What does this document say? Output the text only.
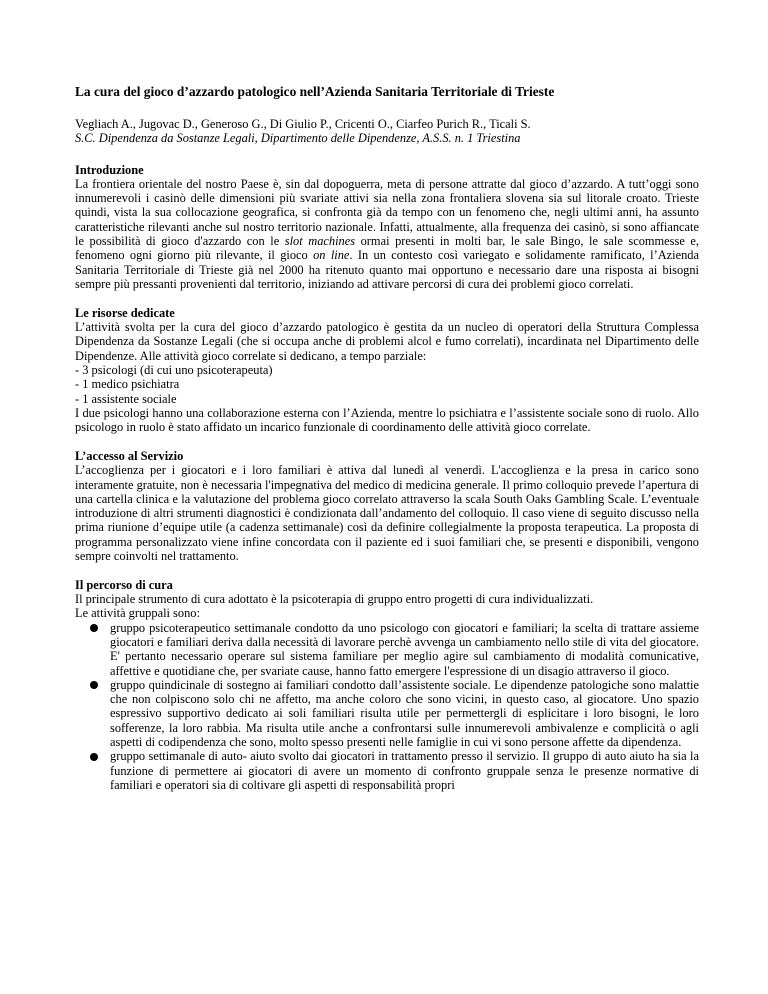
La cura del gioco d’azzardo patologico nell’Azienda Sanitaria Territoriale di Trieste

Vegliach A., Jugovac D., Generoso G., Di Giulio P., Cricenti O., Ciarfeo Purich R., Ticali S.

S.C. Dipendenza da Sostanze Legali, Dipartimento delle Dipendenze, A.S.S. n. 1 Triestina

Introduzione

La frontiera orientale del nostro Paese è, sin dal dopoguerra, meta di persone attratte dal gioco d’azzardo. A tutt’oggi sono innumerevoli i casinò delle dimensioni più svariate attivi sia nella zona frontaliera slovena sia sul litorale croato. Trieste quindi, vista la sua collocazione geografica, si confronta già da tempo con un fenomeno che, negli ultimi anni, ha assunto caratteristiche rilevanti anche sul nostro territorio nazionale. Infatti, attualmente, alla frequenza dei casinò, si sono affiancate le possibilità di gioco d'azzardo con le slot machines ormai presenti in molti bar, le sale Bingo, le sale scommesse e, fenomeno ogni giorno più rilevante, il gioco on line. In un contesto così variegato e solidamente ramificato, l’Azienda Sanitaria Territoriale di Trieste già nel 2000 ha ritenuto quanto mai opportuno e necessario dare una risposta ai bisogni sempre più pressanti provenienti dal territorio, iniziando ad attivare percorsi di cura dei problemi gioco correlati.

Le risorse dedicate

L’attività svolta per la cura del gioco d’azzardo patologico è gestita da un nucleo di operatori della Struttura Complessa Dipendenza da Sostanze Legali (che si occupa anche di problemi alcol e fumo correlati), incardinata nel Dipartimento delle Dipendenze. Alle attività gioco correlate si dedicano, a tempo parziale:

- 3 psicologi (di cui uno psicoterapeuta)
- 1 medico psichiatra
- 1 assistente sociale

I due psicologi hanno una collaborazione esterna con l’Azienda, mentre lo psichiatra e l’assistente sociale sono di ruolo. Allo psicologo in ruolo è stato affidato un incarico funzionale di coordinamento delle attività gioco correlate.

L’accesso al Servizio

L’accoglienza per i giocatori e i loro familiari è attiva dal lunedì al venerdì. L'accoglienza e la presa in carico sono interamente gratuite, non è necessaria l'impegnativa del medico di medicina generale. Il primo colloquio prevede l’apertura di una cartella clinica e la valutazione del problema gioco correlato attraverso la scala South Oaks Gambling Scale. L’eventuale introduzione di altri strumenti diagnostici è condizionata dall’andamento del colloquio. Il caso viene di seguito discusso nella prima riunione d’equipe utile (a cadenza settimanale) così da definire collegialmente la proposta terapeutica. La proposta di programma personalizzato viene infine concordata con il paziente ed i suoi familiari che, se presenti e disponibili, vengono sempre coinvolti nel trattamento.

Il percorso di cura
Il principale strumento di cura adottato è la psicoterapia di gruppo entro progetti di cura individualizzati.
Le attività gruppali sono:
gruppo psicoterapeutico settimanale condotto da uno psicologo con giocatori e familiari; la scelta di trattare assieme giocatori e familiari deriva dalla necessità di lavorare perchè avvenga un cambiamento nello stile di vita del giocatore. E' pertanto necessario operare sul sistema familiare per meglio agire sul cambiamento di modalità comunicative, affettive e quotidiane che, per svariate cause, hanno fatto emergere l'espressione di un disagio attraverso il gioco.
gruppo quindicinale di sostegno ai familiari condotto dall’assistente sociale. Le dipendenze patologiche sono malattie che non colpiscono solo chi ne affetto, ma anche coloro che sono vicini, in questo caso, al giocatore. Uno spazio espressivo supportivo dedicato ai soli familiari risulta utile per permettergli di esplicitare i loro bisogni, le loro sofferenze, la loro rabbia. Ma risulta utile anche a confrontarsi sulle innumerevoli ambivalenze e complicità o agli aspetti di codipendenza che sono, molto spesso presenti nelle famiglie in cui vi sono persone affette da dipendenza.
gruppo settimanale di auto- aiuto svolto dai giocatori in trattamento presso il servizio. Il gruppo di auto aiuto ha sia la funzione di permettere ai giocatori di avere un momento di confronto gruppale senza le presenze normative di familiari e operatori sia di coltivare gli aspetti di responsabilità propri
